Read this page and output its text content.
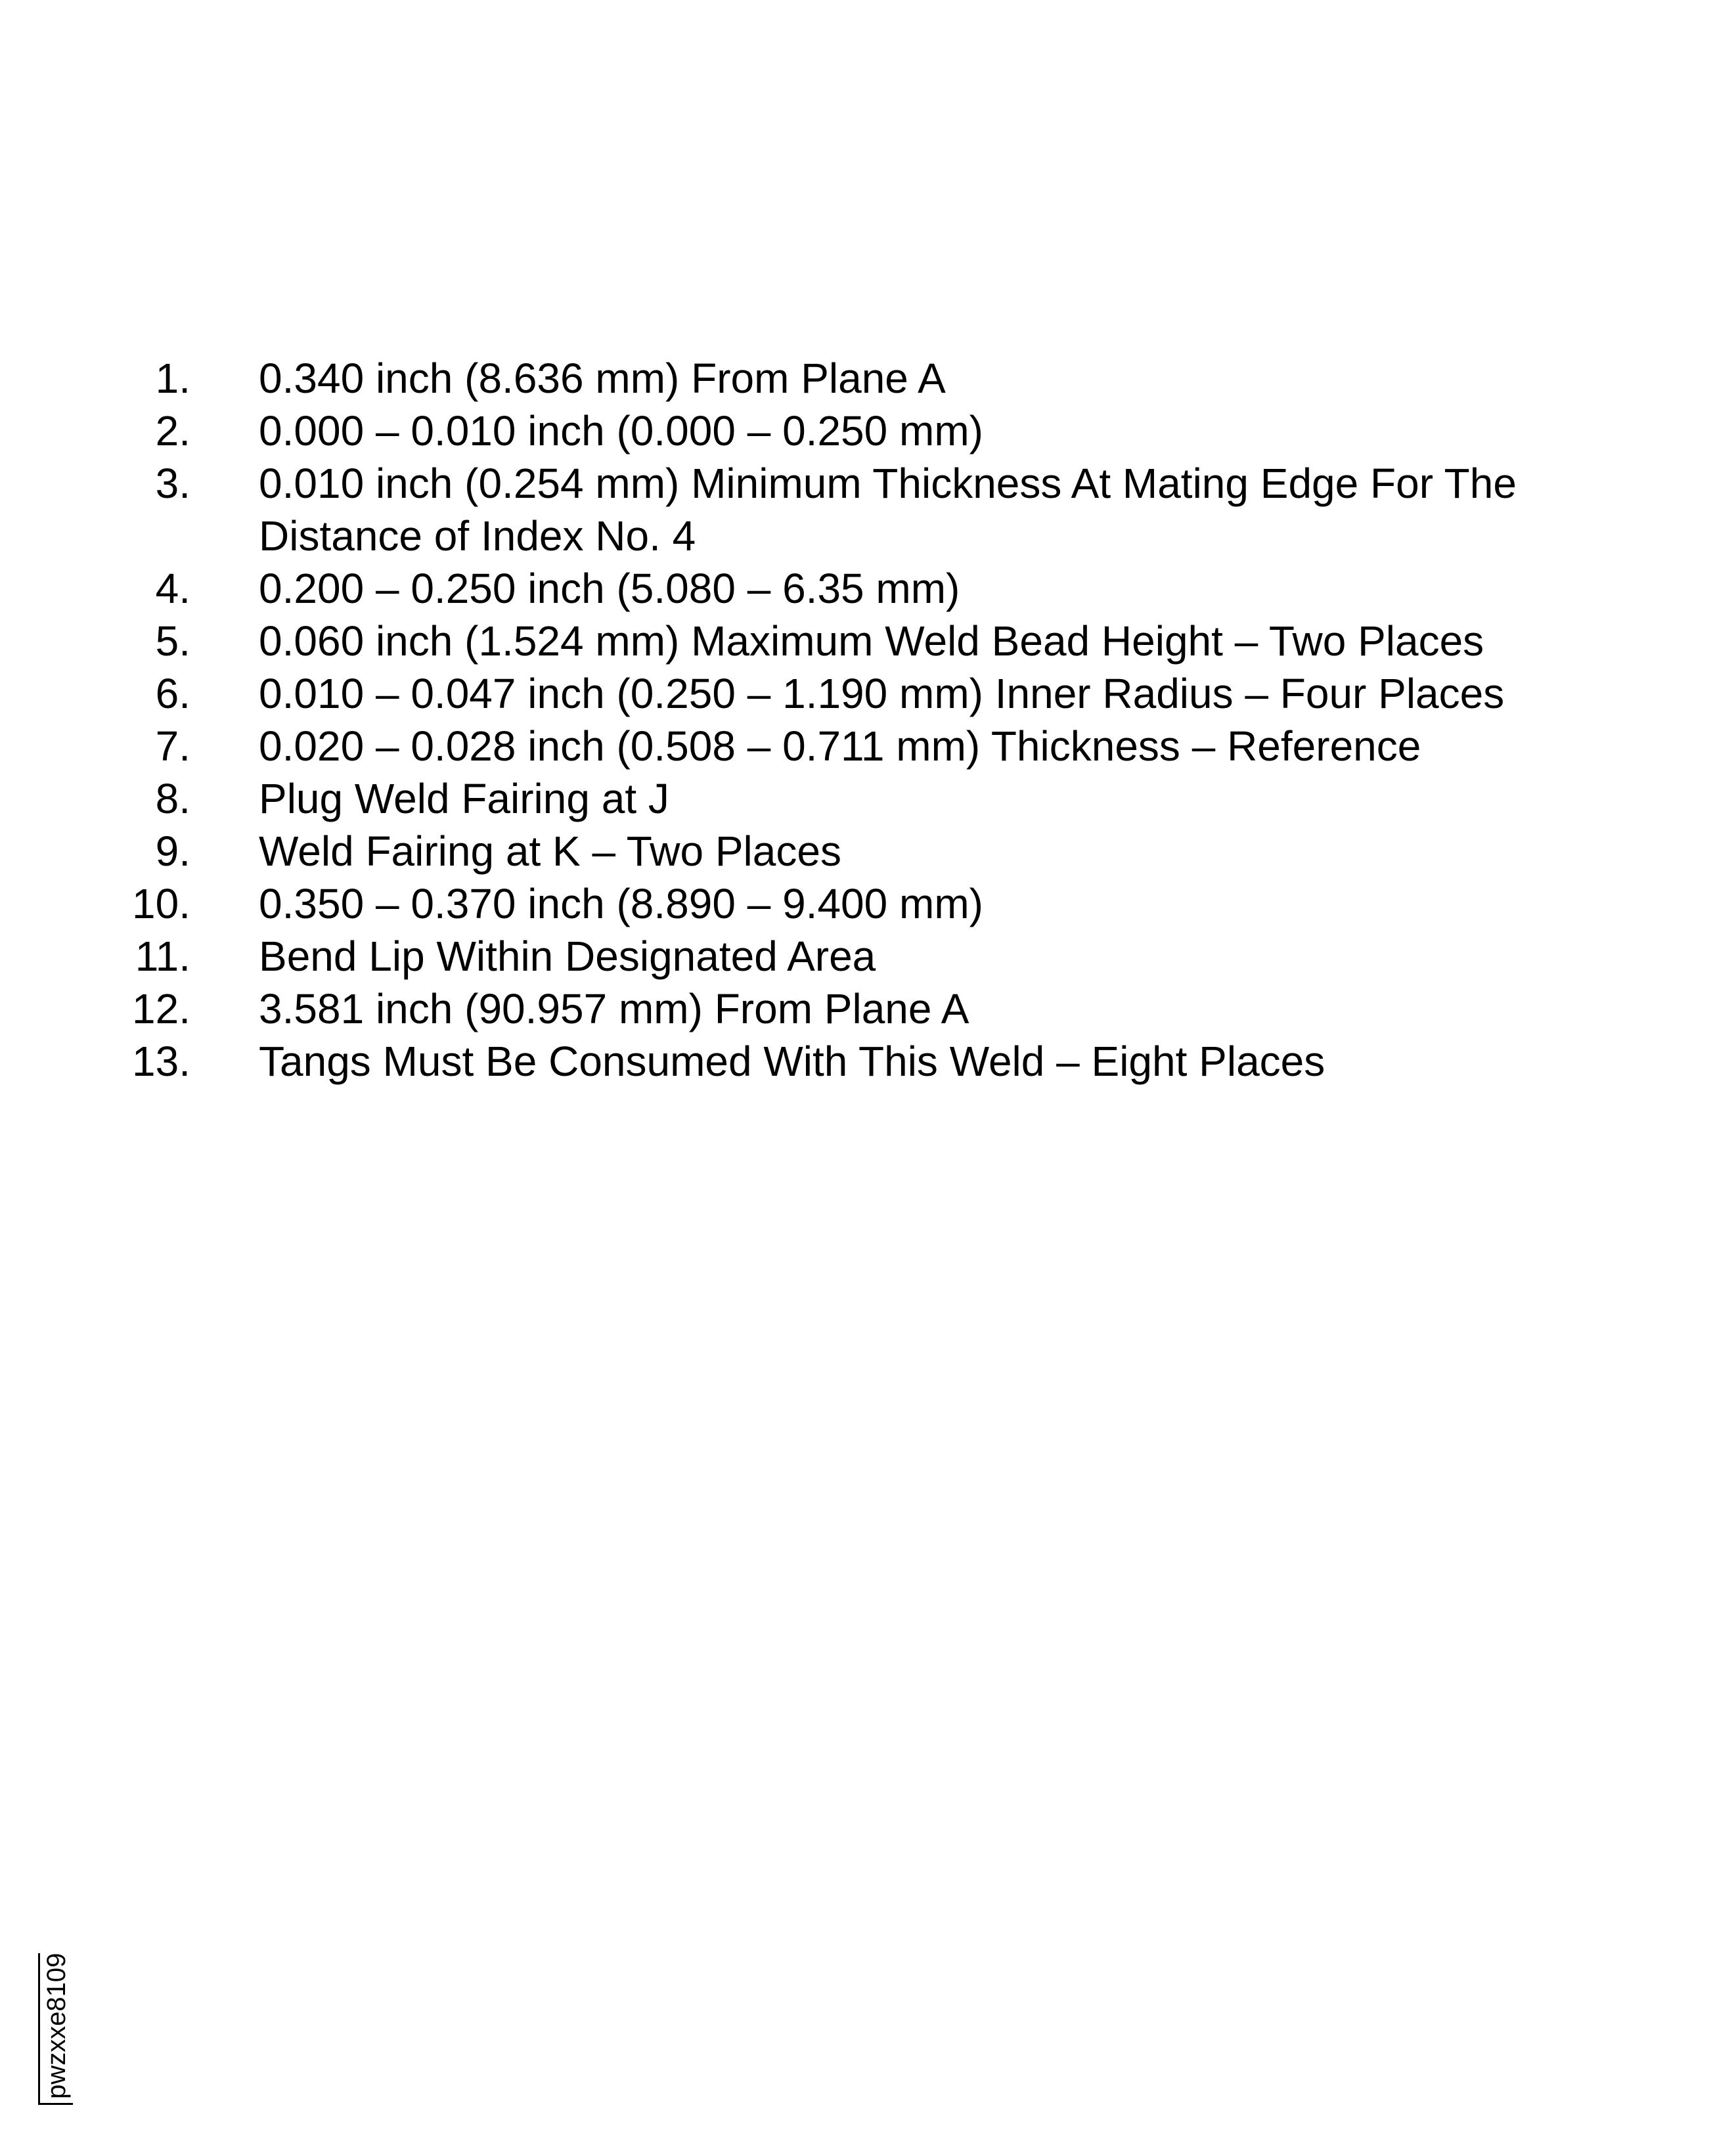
1. 0.340 inch (8.636 mm) From Plane A
2. 0.000 – 0.010 inch (0.000 – 0.250 mm)
3. 0.010 inch (0.254 mm) Minimum Thickness At Mating Edge For The Distance of Index No. 4
4. 0.200 – 0.250 inch (5.080 – 6.35 mm)
5. 0.060 inch (1.524 mm) Maximum Weld Bead Height – Two Places
6. 0.010 – 0.047 inch (0.250 – 1.190 mm) Inner Radius – Four Places
7. 0.020 – 0.028 inch (0.508 – 0.711 mm) Thickness – Reference
8. Plug Weld Fairing at J
9. Weld Fairing at K – Two Places
10. 0.350 – 0.370 inch (8.890 – 9.400 mm)
11. Bend Lip Within Designated Area
12. 3.581 inch (90.957 mm) From Plane A
13. Tangs Must Be Consumed With This Weld – Eight Places
pwzxxe8109
